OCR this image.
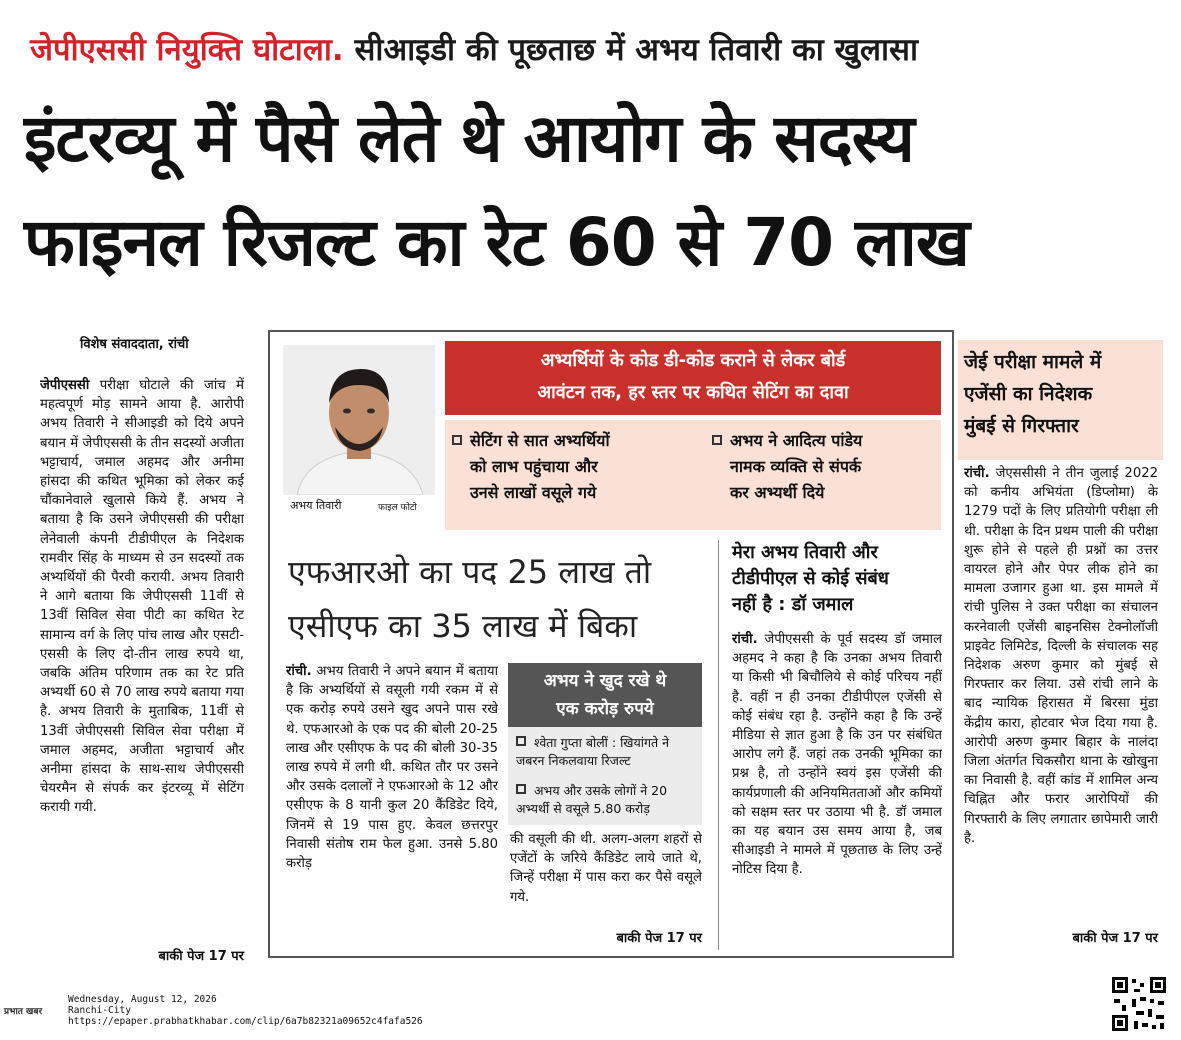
जेपीएससी नियुक्ति घोटाला. सीआइडी की पूछताछ में अभय तिवारी का खुलासा
इंटरव्यू में पैसे लेते थे आयोग के सदस्य
फाइनल रिजल्ट का रेट 60 से 70 लाख
विशेष संवाददाता, रांची
जेपीएससी परीक्षा घोटाले की जांच में महत्वपूर्ण मोड़ सामने आया है. आरोपी अभय तिवारी ने सीआइडी को दिये अपने बयान में जेपीएससी के तीन सदस्यों अजीता भट्टाचार्य, जमाल अहमद और अनीमा हांसदा की कथित भूमिका को लेकर कई चौंकानेवाले खुलासे किये हैं. अभय ने बताया है कि उसने जेपीएससी की परीक्षा लेनेवाली कंपनी टीडीपीएल के निदेशक रामवीर सिंह के माध्यम से उन सदस्यों तक अभ्यर्थियों की पैरवी करायी. अभय तिवारी ने आगे बताया कि जेपीएससी 11वीं से 13वीं सिविल सेवा पीटी का कथित रेट सामान्य वर्ग के लिए पांच लाख और एसटी-एससी के लिए दो-तीन लाख रुपये था, जबकि अंतिम परिणाम तक का रेट प्रति अभ्यर्थी 60 से 70 लाख रुपये बताया गया है. अभय तिवारी के मुताबिक, 11वीं से 13वीं जेपीएससी सिविल सेवा परीक्षा में जमाल अहमद, अजीता भट्टाचार्य और अनीमा हांसदा के साथ-साथ जेपीएससी चेयरमैन से संपर्क कर इंटरव्यू में सेटिंग करायी गयी.
बाकी पेज 17 पर
अभय तिवारी	फाइल फोटो
अभ्यर्थियों के कोड डी-कोड कराने से लेकर बोर्ड
आवंटन तक, हर स्तर पर कथित सेटिंग का दावा
सेटिंग से सात अभ्यर्थियों
को लाभ पहुंचाया और
उनसे लाखों वसूले गये
अभय ने आदित्य पांडेय
नामक व्यक्ति से संपर्क
कर अभ्यर्थी दिये
एफआरओ का पद 25 लाख तो
एसीएफ का 35 लाख में बिका
रांची. अभय तिवारी ने अपने बयान में बताया है कि अभ्यर्थियों से वसूली गयी रकम में से एक करोड़ रुपये उसने खुद अपने पास रखे थे. एफआरओ के एक पद की बोली 20-25 लाख और एसीएफ के पद की बोली 30-35 लाख रुपये में लगी थी. कथित तौर पर उसने और उसके दलालों ने एफआरओ के 12 और एसीएफ के 8 यानी कुल 20 कैंडिडेट दिये, जिनमें से 19 पास हुए. केवल छत्तरपुर निवासी संतोष राम फेल हुआ. उनसे 5.80 करोड़
अभय ने खुद रखे थे
एक करोड़ रुपये
श्वेता गुप्ता बोलीं : खियांगते ने जबरन निकलवाया रिजल्ट
अभय और उसके लोगों ने 20 अभ्यर्थी से वसूले 5.80 करोड़
की वसूली की थी. अलग-अलग शहरों से एजेंटों के जरिये कैंडिडेट लाये जाते थे, जिन्हें परीक्षा में पास करा कर पैसे वसूले गये.
बाकी पेज 17 पर
मेरा अभय तिवारी और
टीडीपीएल से कोई संबंध
नहीं है : डॉ जमाल
रांची. जेपीएससी के पूर्व सदस्य डॉ जमाल अहमद ने कहा है कि उनका अभय तिवारी या किसी भी बिचौलिये से कोई परिचय नहीं है. वहीं न ही उनका टीडीपीएल एजेंसी से कोई संबंध रहा है. उन्होंने कहा है कि उन्हें मीडिया से ज्ञात हुआ है कि उन पर संबंधित आरोप लगे हैं. जहां तक उनकी भूमिका का प्रश्न है, तो उन्होंने स्वयं इस एजेंसी की कार्यप्रणाली की अनियमितताओं और कमियों को सक्षम स्तर पर उठाया भी है. डॉ जमाल का यह बयान उस समय आया है, जब सीआइडी ने मामले में पूछताछ के लिए उन्हें नोटिस दिया है.
जेई परीक्षा मामले में
एजेंसी का निदेशक
मुंबई से गिरफ्तार
रांची. जेएससीसी ने तीन जुलाई 2022 को कनीय अभियंता (डिप्लोमा) के 1279 पदों के लिए प्रतियोगी परीक्षा ली थी. परीक्षा के दिन प्रथम पाली की परीक्षा शुरू होने से पहले ही प्रश्नों का उत्तर वायरल होने और पेपर लीक होने का मामला उजागर हुआ था. इस मामले में रांची पुलिस ने उक्त परीक्षा का संचालन करनेवाली एजेंसी बाइनसिस टेक्नोलॉजी प्राइवेट लिमिटेड, दिल्ली के संचालक सह निदेशक अरुण कुमार को मुंबई से गिरफ्तार कर लिया. उसे रांची लाने के बाद न्यायिक हिरासत में बिरसा मुंडा केंद्रीय कारा, होटवार भेज दिया गया है. आरोपी अरुण कुमार बिहार के नालंदा जिला अंतर्गत चिकसौरा थाना के खोखुना का निवासी है. वहीं कांड में शामिल अन्य चिह्नित और फरार आरोपियों की गिरफ्तारी के लिए लगातार छापेमारी जारी है.
बाकी पेज 17 पर
प्रभात खबर
Wednesday, August 12, 2026
Ranchi-City
https://epaper.prabhatkhabar.com/clip/6a7b82321a09652c4fafa526
